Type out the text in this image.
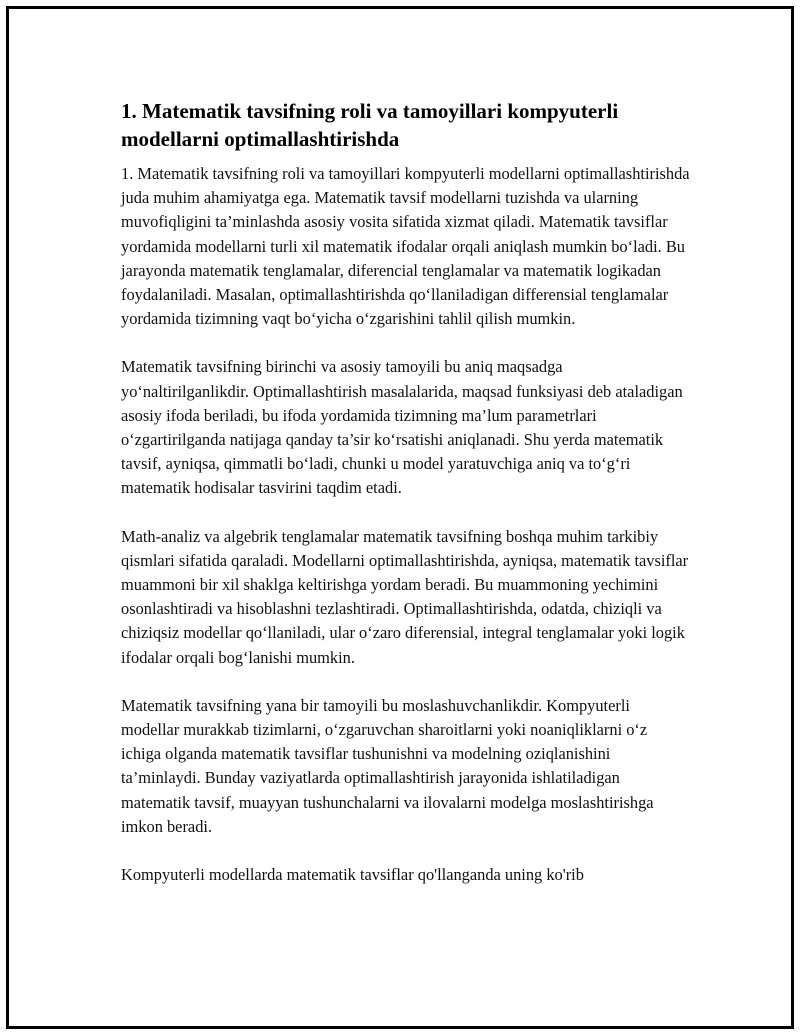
1. Matematik tavsifning roli va tamoyillari kompyuterli modellarni optimallashtirishda

1. Matematik tavsifning roli va tamoyillari kompyuterli modellarni optimallashtirishda juda muhim ahamiyatga ega. Matematik tavsif modellarni tuzishda va ularning muvofiqligini ta’minlashda asosiy vosita sifatida xizmat qiladi. Matematik tavsiflar yordamida modellarni turli xil matematik ifodalar orqali aniqlash mumkin bo‘ladi. Bu jarayonda matematik tenglamalar, diferencial tenglamalar va matematik logikadan foydalaniladi. Masalan, optimallashtirishda qo‘llaniladigan differensial tenglamalar yordamida tizimning vaqt bo‘yicha o‘zgarishini tahlil qilish mumkin.

Matematik tavsifning birinchi va asosiy tamoyili bu aniq maqsadga yo‘naltirilganlikdir. Optimallashtirish masalalarida, maqsad funksiyasi deb ataladigan asosiy ifoda beriladi, bu ifoda yordamida tizimning ma’lum parametrlari o‘zgartirilganda natijaga qanday ta’sir ko‘rsatishi aniqlanadi. Shu yerda matematik tavsif, ayniqsa, qimmatli bo‘ladi, chunki u model yaratuvchiga aniq va to‘g‘ri matematik hodisalar tasvirini taqdim etadi.

Math-analiz va algebrik tenglamalar matematik tavsifning boshqa muhim tarkibiy qismlari sifatida qaraladi. Modellarni optimallashtirishda, ayniqsa, matematik tavsiflar muammoni bir xil shaklga keltirishga yordam beradi. Bu muammoning yechimini osonlashtiradi va hisoblashni tezlashtiradi. Optimallashtirishda, odatda, chiziqli va chiziqsiz modellar qo‘llaniladi, ular o‘zaro diferensial, integral tenglamalar yoki logik ifodalar orqali bog‘lanishi mumkin.

Matematik tavsifning yana bir tamoyili bu moslashuvchanlikdir. Kompyuterli modellar murakkab tizimlarni, o‘zgaruvchan sharoitlarni yoki noaniqliklarni o‘z ichiga olganda matematik tavsiflar tushunishni va modelning oziqlanishini ta’minlaydi. Bunday vaziyatlarda optimallashtirish jarayonida ishlatiladigan matematik tavsif, muayyan tushunchalarni va ilovalarni modelga moslashtirishga imkon beradi.

Kompyuterli modellarda matematik tavsiflar qo'llanganda uning ko'rib
